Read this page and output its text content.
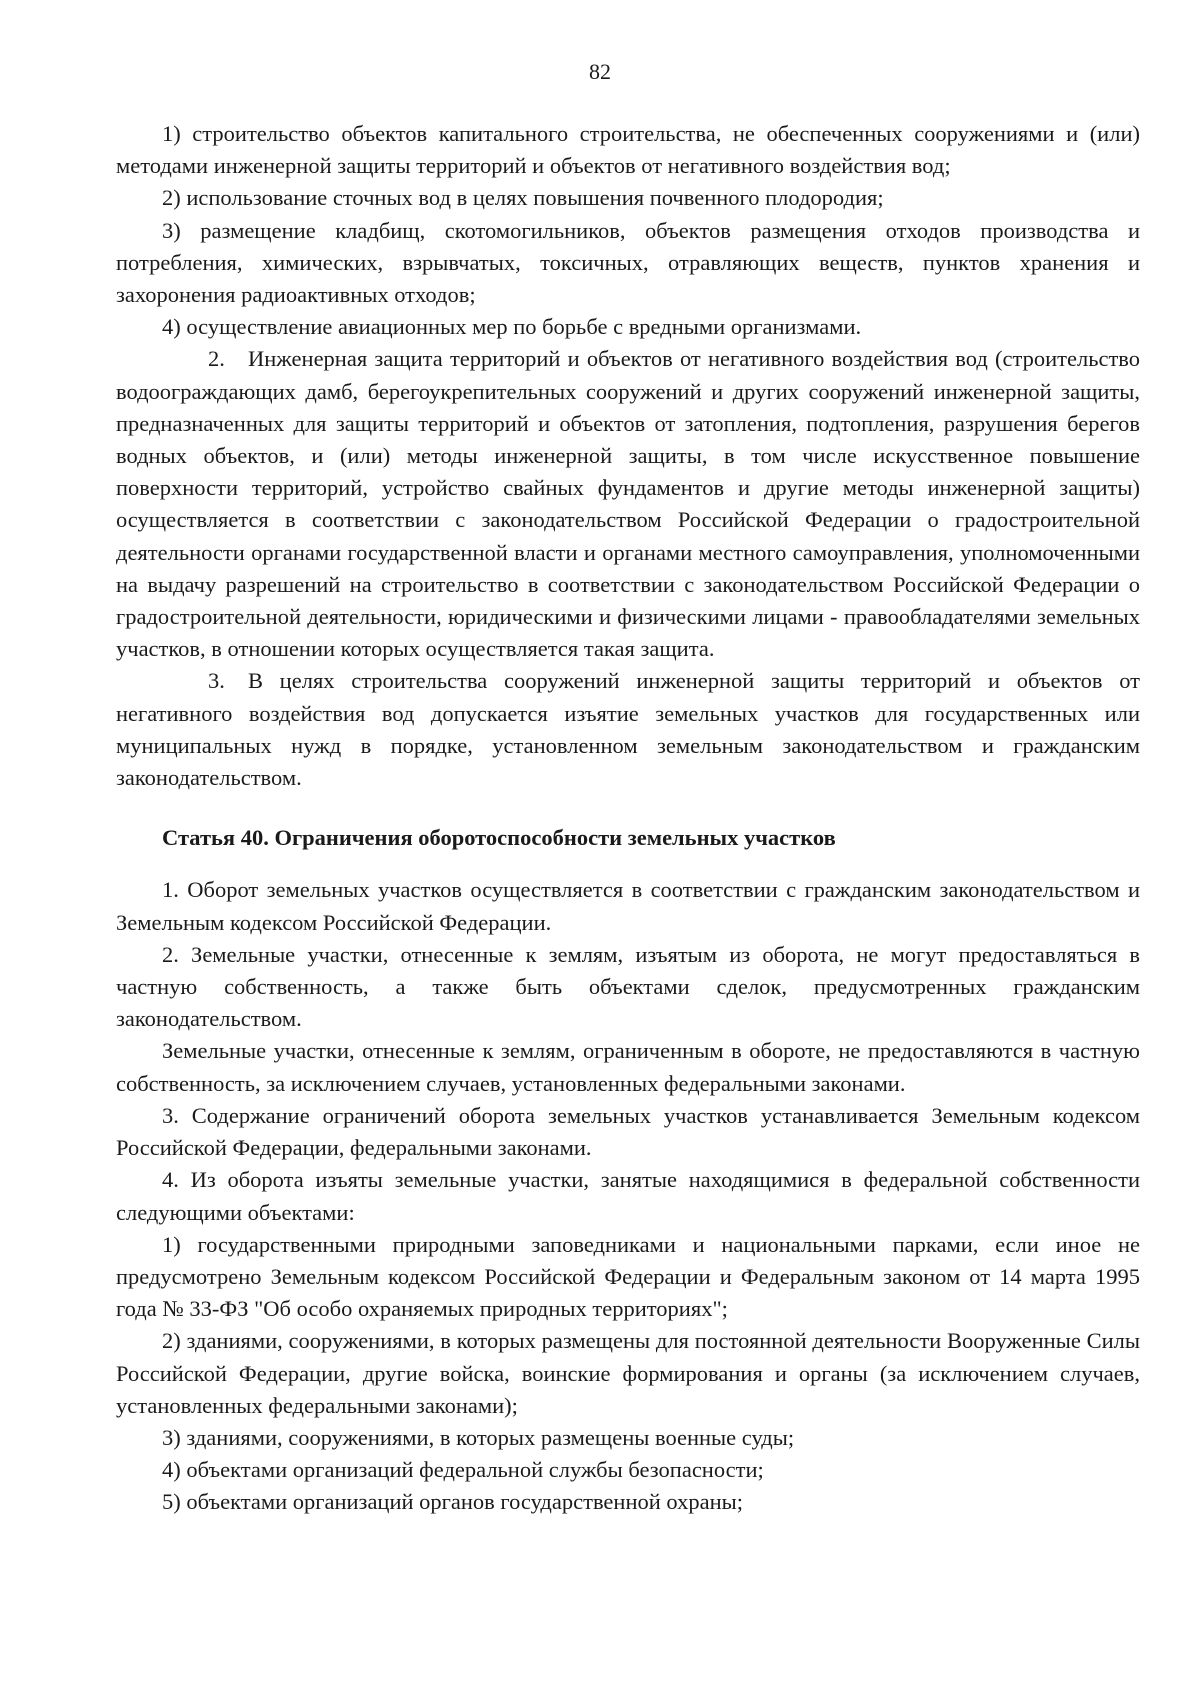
82

1) строительство объектов капитального строительства, не обеспеченных сооружениями и (или) методами инженерной защиты территорий и объектов от негативного воздействия вод;

2) использование сточных вод в целях повышения почвенного плодородия;

3) размещение кладбищ, скотомогильников, объектов размещения отходов производства и потребления, химических, взрывчатых, токсичных, отравляющих веществ, пунктов хранения и захоронения радиоактивных отходов;

4) осуществление авиационных мер по борьбе с вредными организмами.

2. Инженерная защита территорий и объектов от негативного воздействия вод (строительство водоограждающих дамб, берегоукрепительных сооружений и других сооружений инженерной защиты, предназначенных для защиты территорий и объектов от затопления, подтопления, разрушения берегов водных объектов, и (или) методы инженерной защиты, в том числе искусственное повышение поверхности территорий, устройство свайных фундаментов и другие методы инженерной защиты) осуществляется в соответствии с законодательством Российской Федерации о градостроительной деятельности органами государственной власти и органами местного самоуправления, уполномоченными на выдачу разрешений на строительство в соответствии с законодательством Российской Федерации о градостроительной деятельности, юридическими и физическими лицами - правообладателями земельных участков, в отношении которых осуществляется такая защита.

3. В целях строительства сооружений инженерной защиты территорий и объектов от негативного воздействия вод допускается изъятие земельных участков для государственных или муниципальных нужд в порядке, установленном земельным законодательством и гражданским законодательством.

Статья 40. Ограничения оборотоспособности земельных участков

1. Оборот земельных участков осуществляется в соответствии с гражданским законодательством и Земельным кодексом Российской Федерации.

2. Земельные участки, отнесенные к землям, изъятым из оборота, не могут предоставляться в частную собственность, а также быть объектами сделок, предусмотренных гражданским законодательством.

Земельные участки, отнесенные к землям, ограниченным в обороте, не предоставляются в частную собственность, за исключением случаев, установленных федеральными законами.

3. Содержание ограничений оборота земельных участков устанавливается Земельным кодексом Российской Федерации, федеральными законами.

4. Из оборота изъяты земельные участки, занятые находящимися в федеральной собственности следующими объектами:

1) государственными природными заповедниками и национальными парками, если иное не предусмотрено Земельным кодексом Российской Федерации и Федеральным законом от 14 марта 1995 года № 33-ФЗ "Об особо охраняемых природных территориях";

2) зданиями, сооружениями, в которых размещены для постоянной деятельности Вооруженные Силы Российской Федерации, другие войска, воинские формирования и органы (за исключением случаев, установленных федеральными законами);

3) зданиями, сооружениями, в которых размещены военные суды;

4) объектами организаций федеральной службы безопасности;

5) объектами организаций органов государственной охраны;
